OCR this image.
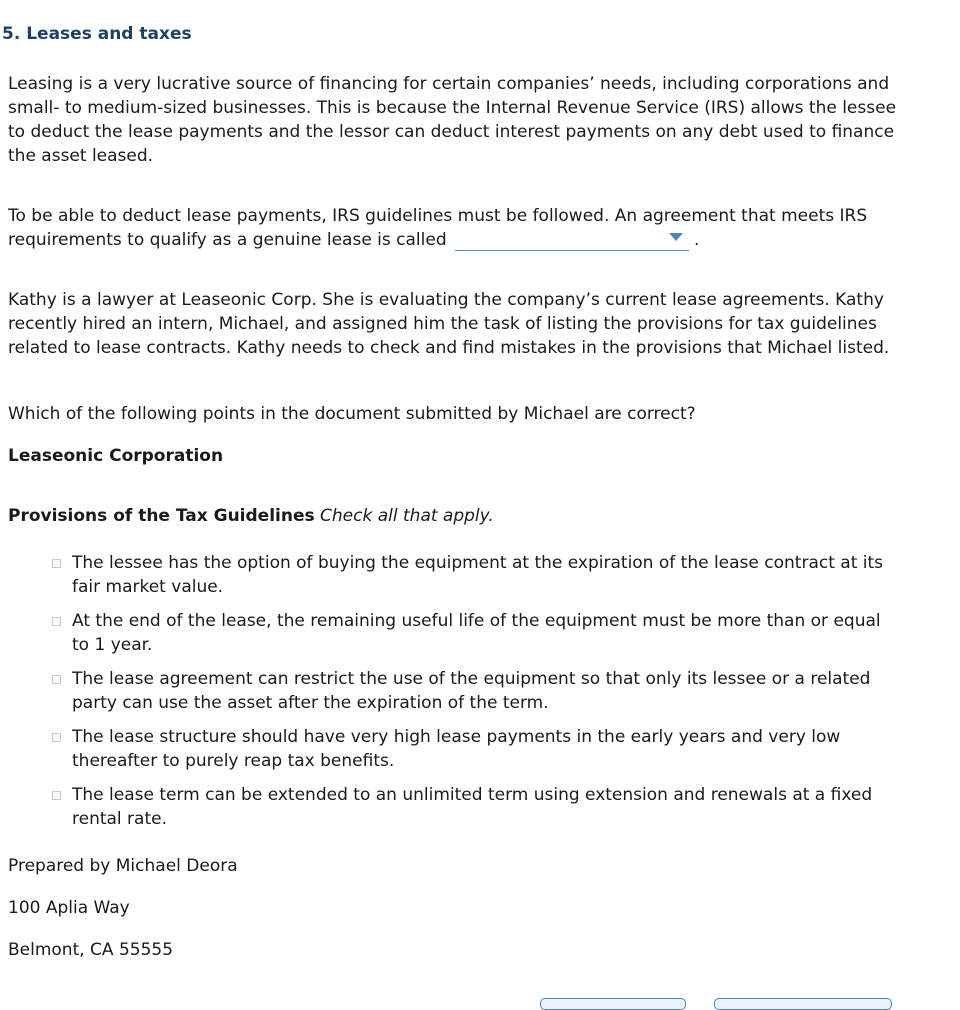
5. Leases and taxes
Leasing is a very lucrative source of financing for certain companies’ needs, including corporations and small- to medium-sized businesses. This is because the Internal Revenue Service (IRS) allows the lessee to deduct the lease payments and the lessor can deduct interest payments on any debt used to finance the asset leased.
To be able to deduct lease payments, IRS guidelines must be followed. An agreement that meets IRS requirements to qualify as a genuine lease is called	.
Kathy is a lawyer at Leaseonic Corp. She is evaluating the company’s current lease agreements. Kathy recently hired an intern, Michael, and assigned him the task of listing the provisions for tax guidelines related to lease contracts. Kathy needs to check and find mistakes in the provisions that Michael listed.
Which of the following points in the document submitted by Michael are correct?
Leaseonic Corporation
Provisions of the Tax Guidelines Check all that apply.
The lessee has the option of buying the equipment at the expiration of the lease contract at its fair market value.
At the end of the lease, the remaining useful life of the equipment must be more than or equal to 1 year.
The lease agreement can restrict the use of the equipment so that only its lessee or a related party can use the asset after the expiration of the term.
The lease structure should have very high lease payments in the early years and very low thereafter to purely reap tax benefits.
The lease term can be extended to an unlimited term using extension and renewals at a fixed rental rate.
Prepared by Michael Deora
100 Aplia Way
Belmont, CA 55555
